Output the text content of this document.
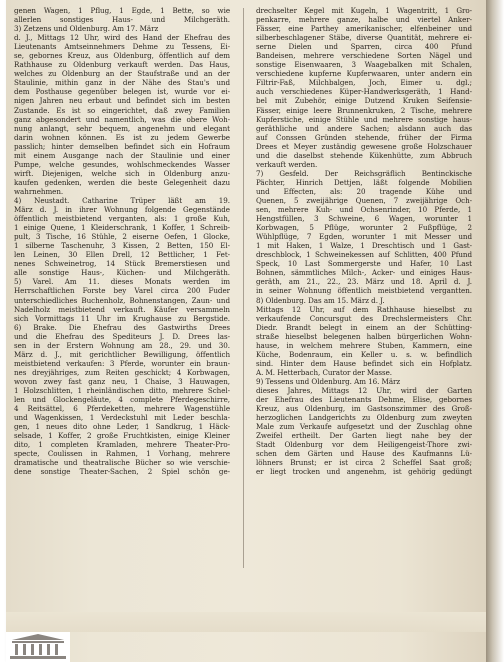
genen Wagen, 1 Pflug, 1 Egde, 1 Bette, so wie
allerlen sonstiges Haus- und Milchgeräth.
3) Zetzens und Oldenburg. Am 17. März
d. J., Mittags 12 Uhr, wird des Hand der Ehefrau des
Lieutenants Amtseinnehmers Dehme zu Tessens, Ei-
se, gebornes Kreuz, aus Oldenburg, öffentlich auf dem
Rathhause zu Oldenburg verkauft werden. Das Haus,
welches zu Oldenburg an der Staufstraße und an der
Staulinie, mithin ganz in der Nähe des Stau's und
dem Posthause gegenüber belegen ist, wurde vor ei-
nigen Jahren neu erbaut und befindet sich im besten
Zustande. Es ist so eingerichtet, daß zwey Familien
ganz abgesondert und namentlich, was die obere Woh-
nung anlangt, sehr bequem, angenehm und elegant
darin wohnen können. Es ist zu jedem Gewerbe
passlich; hinter demselben befindet sich ein Hofraum
mit einem Ausgange nach der Staulinie und einer
Pumpe, welche gesundes, wohlschmeckendes Wasser
wirft. Diejenigen, welche sich in Oldenburg anzu-
kaufen gedenken, werden die beste Gelegenheit dazu
wahrnehmen.
4) Neustadt. Catharine Trüper läßt am 19.
März d. J. in ihrer Wohnung folgende Gegenstände
öffentlich meistbietend verganten, als: 1 große Kuh,
1 einige Quene, 1 Kleiderschrank, 1 Koffer, 1 Schreib-
pult, 3 Tische, 16 Stühle, 2 eiserne Oefen, 1 Glocke,
1 silberne Taschenuhr, 3 Kissen, 2 Betten, 150 El-
len Leinen, 30 Ellen Drell, 12 Bettlicher, 1 Fet-
nenes Schweinetrog, 14 Stück Bremerstiesen und
alle sonstige Haus-, Küchen- und Milchgeräth.
5) Varel. Am 11. dieses Monats werden im
Herrschaftlichen Forste bey Varel circa 200 Fuder
unterschiedliches Buchenholz, Bohnenstangen, Zaun- und
Nadelholz meistbietend verkauft. Käufer versammeln
sich Vormittags 11 Uhr im Krughause zu Bergstide.
6) Brake. Die Ehefrau des Gastwirths Drees
und die Ehefrau des Spediteurs J. D. Drees las-
sen in der Erstern Wohnung am 28., 29. und 30.
März d. J., mit gerichtlicher Bewilligung, öffentlich
meistbietend verkaufen: 3 Pferde, worunter ein braun-
nes dreyjähriges, zum Reiten geschickt; 4 Korbwagen,
wovon zwey fast ganz neu, 1 Chaise, 3 Hauwagen,
1 Holzschlitten, 1 rheinländischen ditto, mehrere Schel-
len und Glockengeläute, 4 complete Pferdegeschirre,
4 Reitsättel, 6 Pferdeketten, mehrere Wagenstühle
und Wagenkissen, 1 Verdeckstuhl mit Leder beschla-
gen, 1 neues dito ohne Leder, 1 Sandkrug, 1 Häck-
selsade, 1 Koffer, 2 große Fruchtkisten, einige Kleiner
dito, 1 completen Kramladen, mehrere Theater-Pro-
specte, Coulissen in Rahmen, 1 Vorhang, mehrere
dramatische und theatralische Bücher so wie verschie-
dene sonstige Theater-Sachen, 2 Spiel schön ge-
drechselter Kegel mit Kugeln, 1 Wagentritt, 1 Gro-
penkarre, mehrere ganze, halbe und viertel Anker-
Fässer, eine Parthey amerikanischer, elfenbeiner und
silberbeschlagener Stäbe, diverse Quantität, mehrere ei-
serne Dielen und Sparren, circa 400 Pfund
Bandeisen, mehrere verschiedene Sorten Nägel und
sonstige Eisenwaaren, 3 Waagebalken mit Schalen,
verschiedene kupferne Kupferwaaren, unter andern ein
Filtrir-Faß, Milchbalgen, Joch, Eimer u. dgl.;
auch verschiedenes Küper-Handwerksgeräth, 1 Hand-
bel mit Zubehör, einige Dutzend Kruken Seifensie-
Fässer, einige leere Brunnenkruken, 2 Tische, mehrere
Kupferstiche, einige Stühle und mehrere sonstige haus-
geräthliche und andere Sachen; alsdann auch das
auf Conssen Gründen stehende, früher der Firma
Drees et Meyer zuständig gewesene große Holzschauer
und die daselbst stehende Kükenhütte, zum Abbruch
verkauft werden.
7) Gesfeld. Der Reichsgräflich Bentinckische
Pächter, Hinrich Dettjen, läßt folgende Mobilien
und Effecten, als: 20 tragende Kühe und
Quenen, 5 zweijährige Quenen, 7 zweijährige Och-
sen, mehrere Kuh- und Ochsenrinder, 10 Pferde, 1
Hengstfüllen, 3 Schweine, 6 Wagen, worunter 1
Korbwagen, 5 Pflüge, worunter 2 Fußpflüge, 2
Wühlpflüge, 7 Egden, worunter 1 mit Messer und
1 mit Haken, 1 Walze, 1 Dreschtisch und 1 Gast-
dreschblock, 1 Schweinekessen auf Schlitten, 400 Pfund
Speck, 10 Last Sommergerste und Hafer, 10 Last
Bohnen, sämmtliches Milch-, Acker- und einiges Haus-
geräth, am 21., 22., 23. März und 18. April d. J.
in seiner Wohnung öffentlich meistbietend vergantten.
8) Oldenburg. Das am 15. März d. J.
Mittags 12 Uhr, auf dem Rathhause hieselbst zu
verkaufende Concursgut des Drechslermeisters Chr.
Diedr. Brandt belegt in einem an der Schütting-
straße hieselbst belegenen halben bürgerlichen Wohn-
hause, in welchem mehrere Stuben, Kammern, eine
Küche, Bodenraum, ein Keller u. s. w. befindlich
sind. Hinter dem Hause befindet sich ein Hofplatz.
A. M. Hetterbach, Curator der Masse.
9) Tessens und Oldenburg. Am 16. März
dieses Jahres, Mittags 12 Uhr, wird der Garten
der Ehefrau des Lieutenants Dehme, Elise, gebornes
Kreuz, aus Oldenburg, im Gastsonszimmer des Groß-
herzoglichen Landgerichts zu Oldenburg zum zweyten
Male zum Verkaufe aufgesetzt und der Zuschlag ohne
Zweifel ertheilt. Der Garten liegt nahe bey der
Stadt Oldenburg vor dem Heiligengeist-Thore zwi-
schen dem Gärten und Hause des Kaufmanns Lü-
löhners Brunst; er ist circa 2 Scheffel Saat groß;
er liegt trocken und angenehm, ist gehörig gedüngt
